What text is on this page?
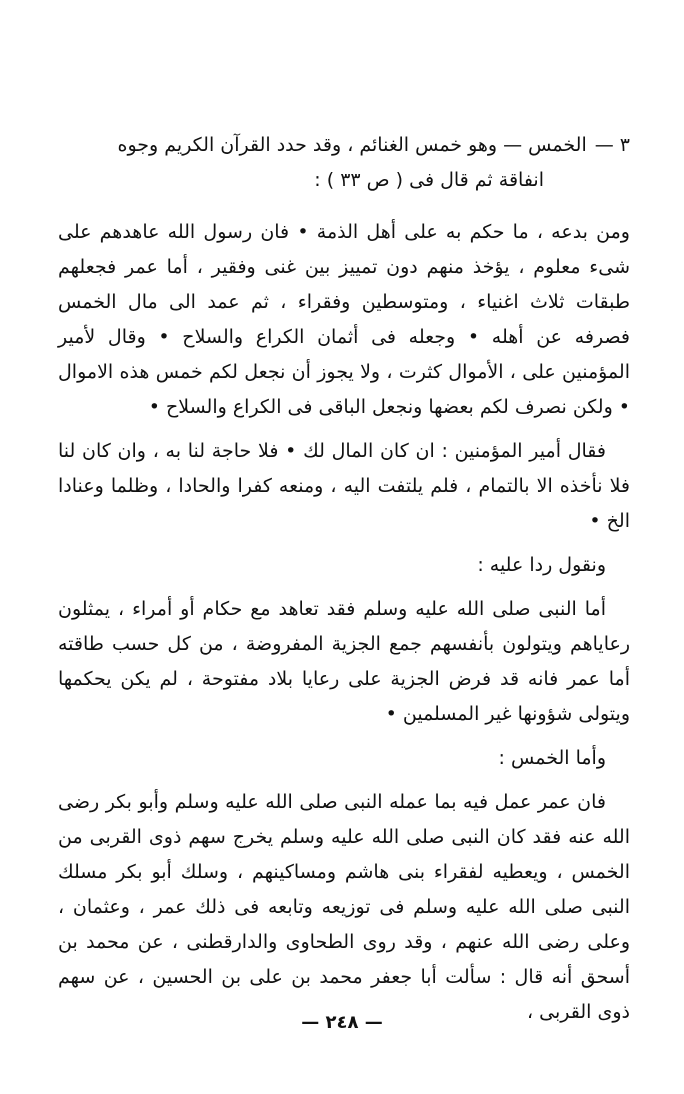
٣ —الخمس — وهو خمس الغنائم ، وقد حدد القرآن الكريم وجوه

انفاقة ثم قال فى ( ص ٣٣ ) :

ومن بدعه ، ما حكم به على أهل الذمة • فان رسول الله عاهدهم على شىء معلوم ، يؤخذ منهم دون تمييز بين غنى وفقير ، أما عمر فجعلهم طبقات ثلاث اغنياء ، ومتوسطين وفقراء ، ثم عمد الى مال الخمس فصرفه عن أهله • وجعله فى أثمان الكراع والسلاح • وقال لأمير المؤمنين على ، الأموال كثرت ، ولا يجوز أن نجعل لكم خمس هذه الاموال • ولكن نصرف لكم بعضها ونجعل الباقى فى الكراع والسلاح •

فقال أمير المؤمنين : ان كان المال لك • فلا حاجة لنا به ، وان كان لنا فلا نأخذه الا بالتمام ، فلم يلتفت اليه ، ومنعه كفرا والحادا ، وظلما وعنادا الخ •

ونقول ردا عليه :

أما النبى صلى الله عليه وسلم فقد تعاهد مع حكام أو أمراء ، يمثلون رعاياهم ويتولون بأنفسهم جمع الجزية المفروضة ، من كل حسب طاقته أما عمر فانه قد فرض الجزية على رعايا بلاد مفتوحة ، لم يكن يحكمها ويتولى شؤونها غير المسلمين •

وأما الخمس :

فان عمر عمل فيه بما عمله النبى صلى الله عليه وسلم وأبو بكر رضى الله عنه فقد كان النبى صلى الله عليه وسلم يخرج سهم ذوى القربى من الخمس ، ويعطيه لفقراء بنى هاشم ومساكينهم ، وسلك أبو بكر مسلك النبى صلى الله عليه وسلم فى توزيعه وتابعه فى ذلك عمر ، وعثمان ، وعلى رضى الله عنهم ، وقد روى الطحاوى والدارقطنى ، عن محمد بن أسحق أنه قال : سألت أبا جعفر محمد بن على بن الحسين ، عن سهم ذوى القربى ،

— ٢٤٨ —
